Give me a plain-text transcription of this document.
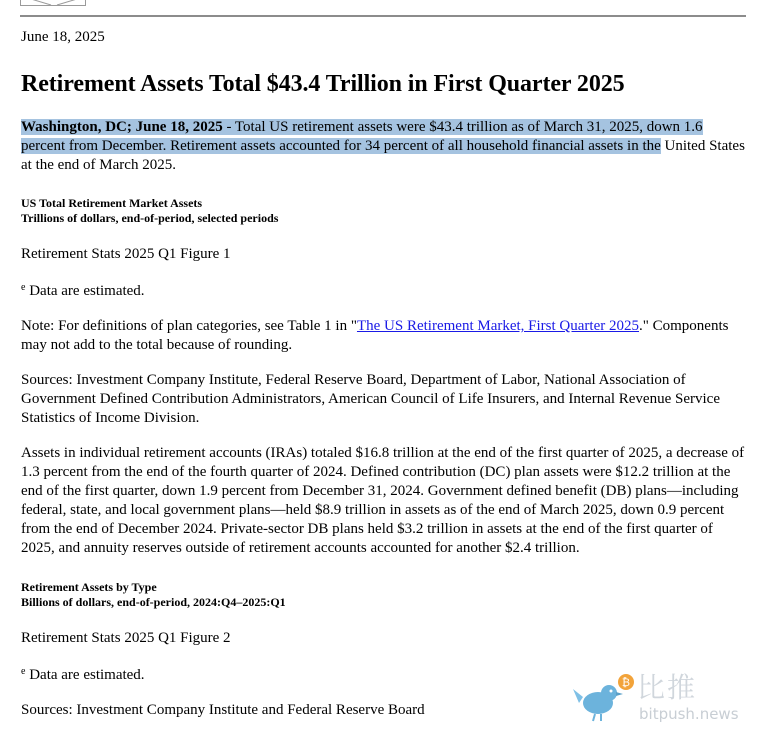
June 18, 2025

Retirement Assets Total $43.4 Trillion in First Quarter 2025

Washington, DC; June 18, 2025 - Total US retirement assets were $43.4 trillion as of March 31, 2025, down 1.6 percent from December. Retirement assets accounted for 34 percent of all household financial assets in the United States at the end of March 2025.

US Total Retirement Market Assets

Trillions of dollars, end-of-period, selected periods

Retirement Stats 2025 Q1 Figure 1

$^e$ Data are estimated.

Note: For definitions of plan categories, see Table 1 in "The US Retirement Market, First Quarter 2025." Components may not add to the total because of rounding.

Sources: Investment Company Institute, Federal Reserve Board, Department of Labor, National Association of Government Defined Contribution Administrators, American Council of Life Insurers, and Internal Revenue Service Statistics of Income Division.

Assets in individual retirement accounts (IRAs) totaled $16.8 trillion at the end of the first quarter of 2025, a decrease of 1.3 percent from the end of the fourth quarter of 2024. Defined contribution (DC) plan assets were $12.2 trillion at the end of the first quarter, down 1.9 percent from December 31, 2024. Government defined benefit (DB) plans—including federal, state, and local government plans—held $8.9 trillion in assets as of the end of March 2025, down 0.9 percent from the end of December 2024. Private-sector DB plans held $3.2 trillion in assets at the end of the first quarter of 2025, and annuity reserves outside of retirement accounts accounted for another $2.4 trillion.

Retirement Assets by Type

Billions of dollars, end-of-period, 2024:Q4–2025:Q1

Retirement Stats 2025 Q1 Figure 2

$^e$ Data are estimated.

Sources: Investment Company Institute and Federal Reserve Board

₿ 比推
bitpush.news
